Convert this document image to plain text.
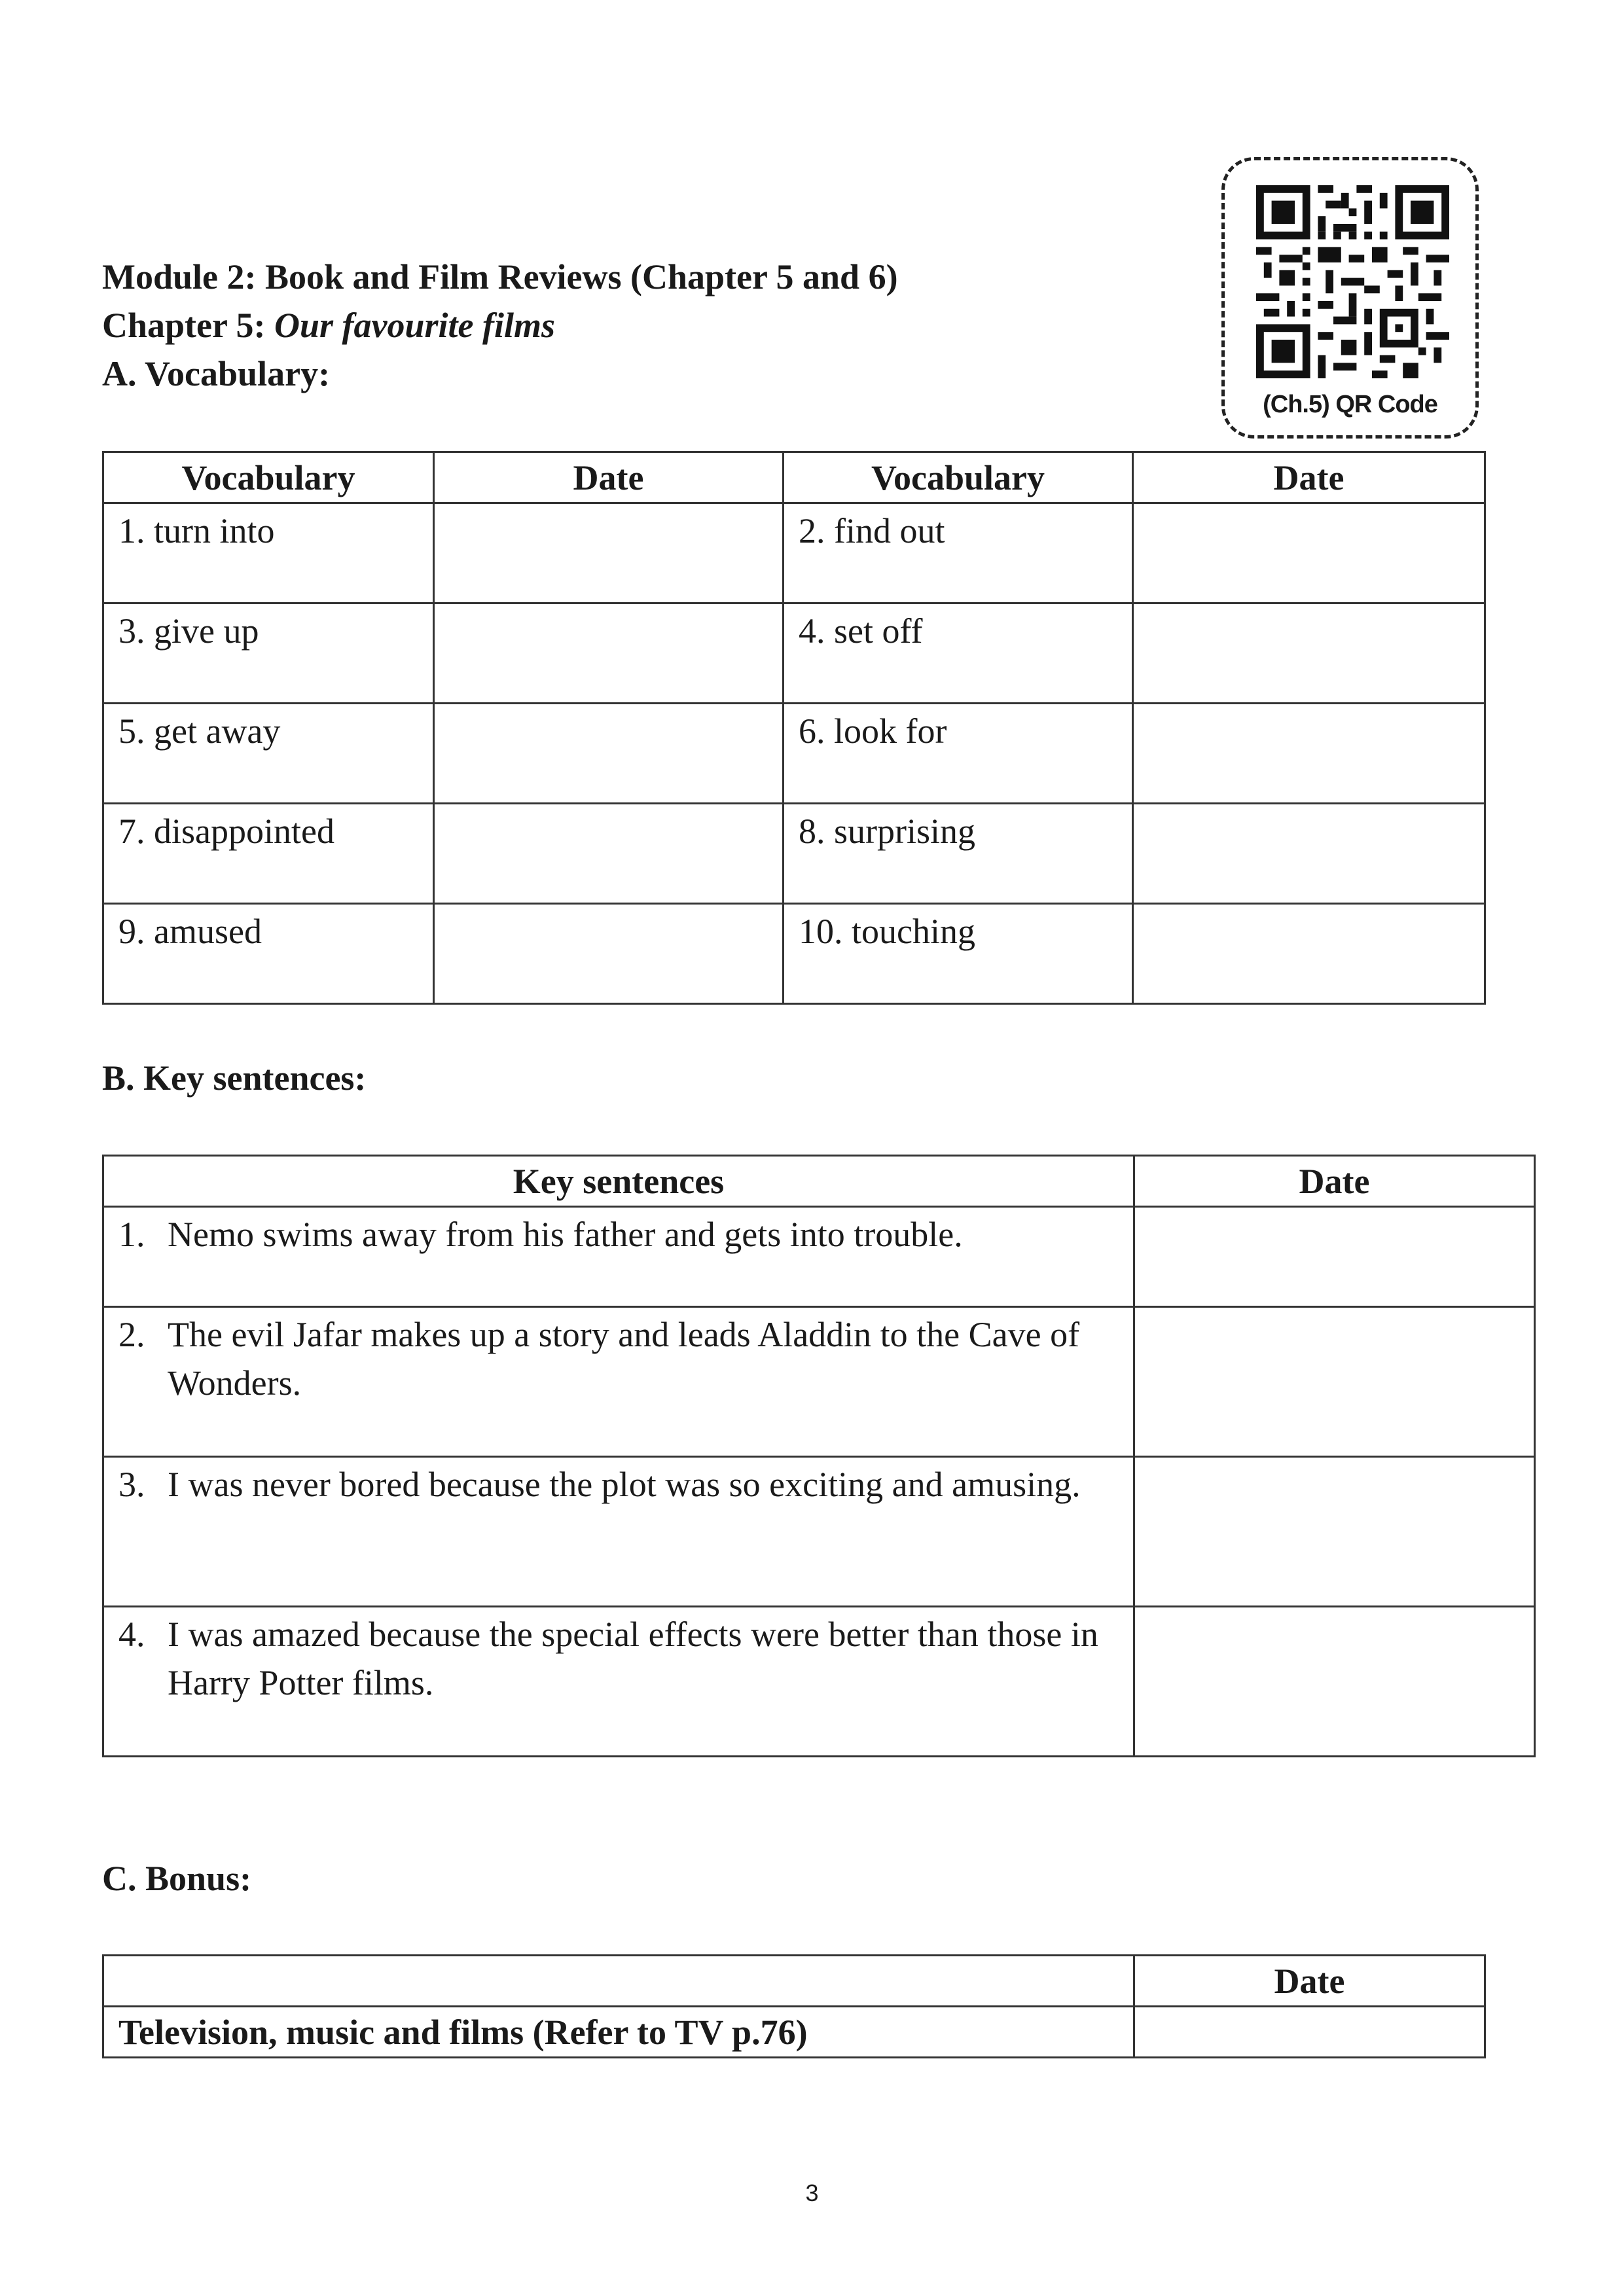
Module 2: Book and Film Reviews (Chapter 5 and 6)
Chapter 5: Our favourite films
A. Vocabulary:
(Ch.5) QR Code
Vocabulary	Date	Vocabulary	Date
1. turn into		2. find out	
3. give up		4. set off	
5. get away		6. look for	
7. disappointed		8. surprising	
9. amused		10. touching	
B. Key sentences:
Key sentences	Date

1. Nemo swims away from his father and gets into trouble.	

2. The evil Jafar makes up a story and leads Aladdin to the Cave of Wonders.	

3. I was never bored because the plot was so exciting and amusing.	

4. I was amazed because the special effects were better than those in Harry Potter films.	

C. Bonus:
	Date
Television, music and films (Refer to TV p.76)	
3
